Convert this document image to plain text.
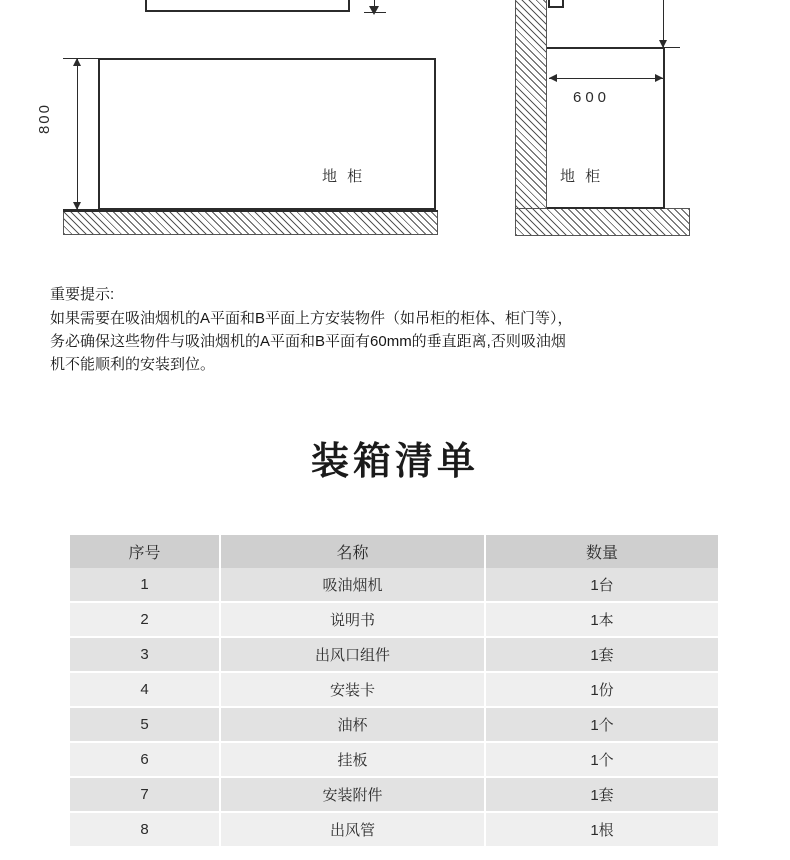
800
地 柜
600
地 柜

重要提示:

如果需要在吸油烟机的A平面和B平面上方安装物件（如吊柜的柜体、柜门等），

务必确保这些物件与吸油烟机的A平面和B平面有60mm的垂直距离,否则吸油烟

机不能顺利的安装到位。

装箱清单
序号	名称	数量
1	吸油烟机	1台
2	说明书	1本
3	出风口组件	1套
4	安装卡	1份
5	油杯	1个
6	挂板	1个
7	安装附件	1套
8	出风管	1根
